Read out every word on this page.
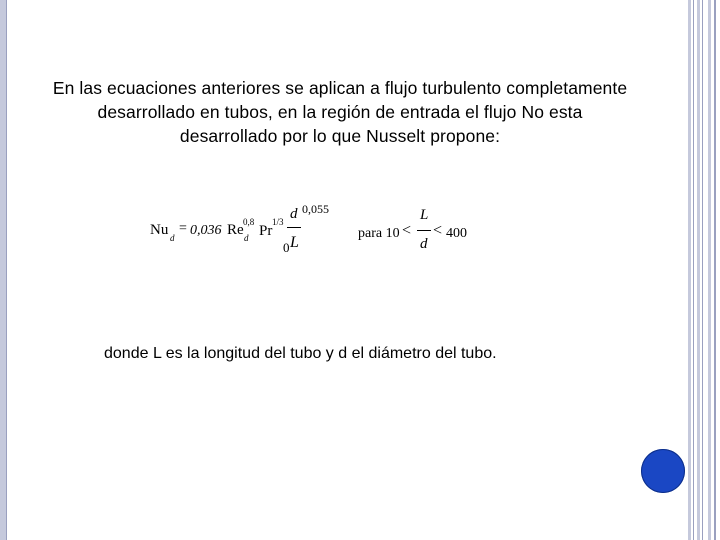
En las ecuaciones anteriores se aplican a flujo turbulento completamente desarrollado en tubos, en la región de entrada el flujo No esta desarrollado por lo que Nusselt propone:
Nu d
= 0,036 Re 0,8
d Pr
1/3 d
0 L
0,055
para 10 <
L
d
< 400
donde L es la longitud del tubo y d el diámetro del tubo.
